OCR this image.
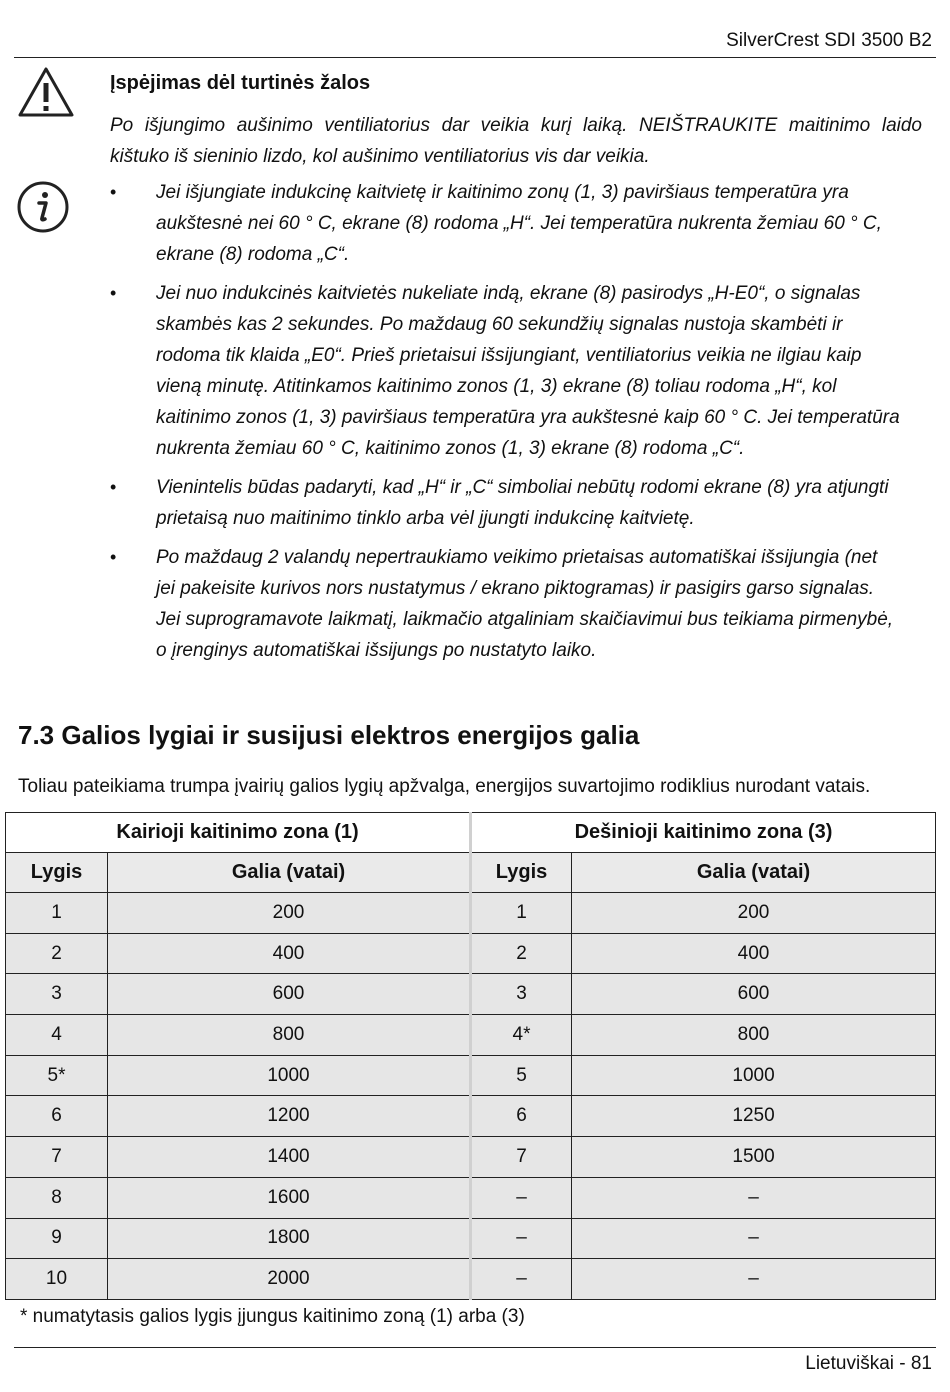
SilverCrest SDI 3500 B2
Įspėjimas dėl turtinės žalos
Po išjungimo aušinimo ventiliatorius dar veikia kurį laiką. NEIŠTRAUKITE maitinimo laido kištuko iš sieninio lizdo, kol aušinimo ventiliatorius vis dar veikia.
• Jei išjungiate indukcinę kaitvietę ir kaitinimo zonų (1, 3) paviršiaus temperatūra yra aukštesnė nei 60 ° C, ekrane (8) rodoma „H“. Jei temperatūra nukrenta žemiau 60 ° C, ekrane (8) rodoma „C“.
• Jei nuo indukcinės kaitvietės nukeliate indą, ekrane (8) pasirodys „H-E0“, o signalas skambės kas 2 sekundes. Po maždaug 60 sekundžių signalas nustoja skambėti ir rodoma tik klaida „E0“. Prieš prietaisui išsijungiant, ventiliatorius veikia ne ilgiau kaip vieną minutę. Atitinkamos kaitinimo zonos (1, 3) ekrane (8) toliau rodoma „H“, kol kaitinimo zonos (1, 3) paviršiaus temperatūra yra aukštesnė kaip 60 ° C. Jei temperatūra nukrenta žemiau 60 ° C, kaitinimo zonos (1, 3) ekrane (8) rodoma „C“.
• Vienintelis būdas padaryti, kad „H“ ir „C“ simboliai nebūtų rodomi ekrane (8) yra atjungti prietaisą nuo maitinimo tinklo arba vėl įjungti indukcinę kaitvietę.
• Po maždaug 2 valandų nepertraukiamo veikimo prietaisas automatiškai išsijungia (net jei pakeisite kurivos nors nustatymus / ekrano piktogramas) ir pasigirs garso signalas. Jei suprogramavote laikmatį, laikmačio atgaliniam skaičiavimui bus teikiama pirmenybė, o įrenginys automatiškai išsijungs po nustatyto laiko.
7.3 Galios lygiai ir susijusi elektros energijos galia
Toliau pateikiama trumpa įvairių galios lygių apžvalga, energijos suvartojimo rodiklius nurodant vatais.
Kairioji kaitinimo zona (1)		Dešinioji kaitinimo zona (3)	
Lygis	Galia (vatai)	Lygis	Galia (vatai)
1	200	1	200
2	400	2	400
3	600	3	600
4	800	4*	800
5*	1000	5	1000
6	1200	6	1250
7	1400	7	1500
8	1600	–	–
9	1800	–	–
10	2000	–	–
* numatytasis galios lygis įjungus kaitinimo zoną (1) arba (3)
Lietuviškai - 81
